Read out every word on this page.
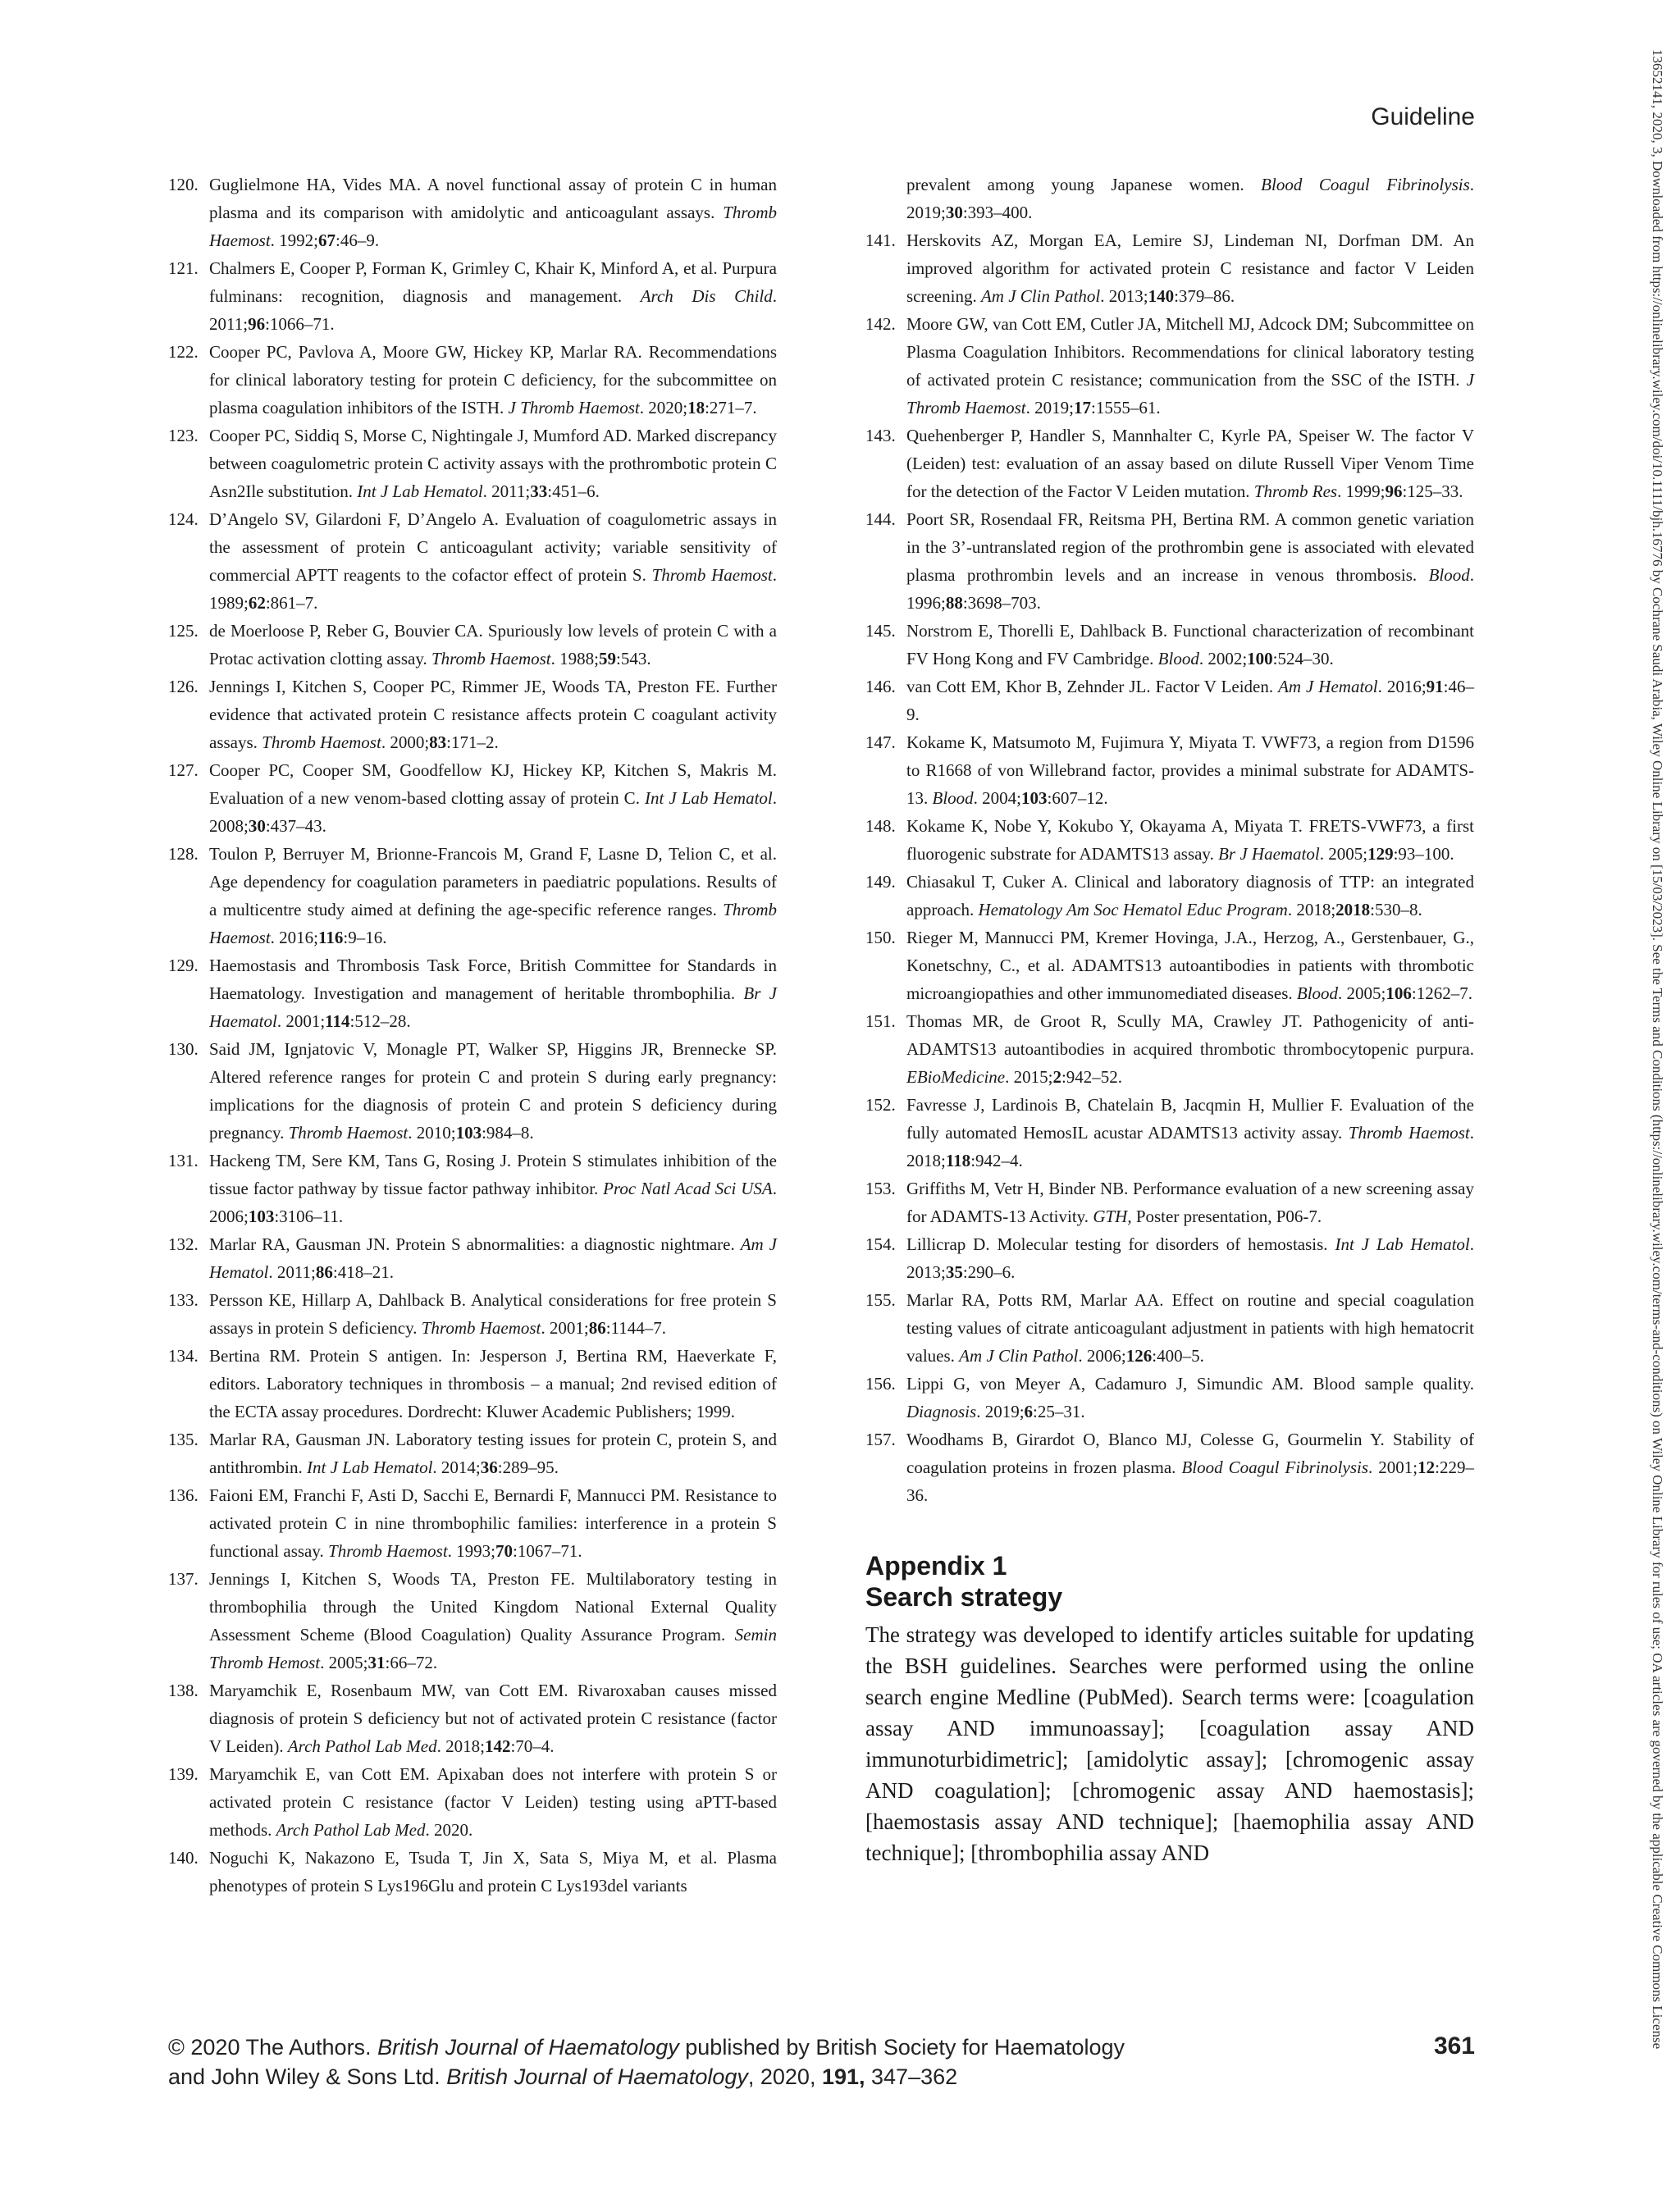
Guideline
120. Guglielmone HA, Vides MA. A novel functional assay of protein C in human plasma and its comparison with amidolytic and anticoagulant assays. Thromb Haemost. 1992;67:46–9.
121. Chalmers E, Cooper P, Forman K, Grimley C, Khair K, Minford A, et al. Purpura fulminans: recognition, diagnosis and management. Arch Dis Child. 2011;96:1066–71.
122. Cooper PC, Pavlova A, Moore GW, Hickey KP, Marlar RA. Recommendations for clinical laboratory testing for protein C deficiency, for the subcommittee on plasma coagulation inhibitors of the ISTH. J Thromb Haemost. 2020;18:271–7.
123. Cooper PC, Siddiq S, Morse C, Nightingale J, Mumford AD. Marked discrepancy between coagulometric protein C activity assays with the prothrombotic protein C Asn2Ile substitution. Int J Lab Hematol. 2011;33:451–6.
124. D’Angelo SV, Gilardoni F, D’Angelo A. Evaluation of coagulometric assays in the assessment of protein C anticoagulant activity; variable sensitivity of commercial APTT reagents to the cofactor effect of protein S. Thromb Haemost. 1989;62:861–7.
125. de Moerloose P, Reber G, Bouvier CA. Spuriously low levels of protein C with a Protac activation clotting assay. Thromb Haemost. 1988;59:543.
126. Jennings I, Kitchen S, Cooper PC, Rimmer JE, Woods TA, Preston FE. Further evidence that activated protein C resistance affects protein C coagulant activity assays. Thromb Haemost. 2000;83:171–2.
127. Cooper PC, Cooper SM, Goodfellow KJ, Hickey KP, Kitchen S, Makris M. Evaluation of a new venom-based clotting assay of protein C. Int J Lab Hematol. 2008;30:437–43.
128. Toulon P, Berruyer M, Brionne-Francois M, Grand F, Lasne D, Telion C, et al. Age dependency for coagulation parameters in paediatric populations. Results of a multicentre study aimed at defining the age-specific reference ranges. Thromb Haemost. 2016;116:9–16.
129. Haemostasis and Thrombosis Task Force, British Committee for Standards in Haematology. Investigation and management of heritable thrombophilia. Br J Haematol. 2001;114:512–28.
130. Said JM, Ignjatovic V, Monagle PT, Walker SP, Higgins JR, Brennecke SP. Altered reference ranges for protein C and protein S during early pregnancy: implications for the diagnosis of protein C and protein S deficiency during pregnancy. Thromb Haemost. 2010;103:984–8.
131. Hackeng TM, Sere KM, Tans G, Rosing J. Protein S stimulates inhibition of the tissue factor pathway by tissue factor pathway inhibitor. Proc Natl Acad Sci USA. 2006;103:3106–11.
132. Marlar RA, Gausman JN. Protein S abnormalities: a diagnostic nightmare. Am J Hematol. 2011;86:418–21.
133. Persson KE, Hillarp A, Dahlback B. Analytical considerations for free protein S assays in protein S deficiency. Thromb Haemost. 2001;86:1144–7.
134. Bertina RM. Protein S antigen. In: Jesperson J, Bertina RM, Haeverkate F, editors. Laboratory techniques in thrombosis – a manual; 2nd revised edition of the ECTA assay procedures. Dordrecht: Kluwer Academic Publishers; 1999.
135. Marlar RA, Gausman JN. Laboratory testing issues for protein C, protein S, and antithrombin. Int J Lab Hematol. 2014;36:289–95.
136. Faioni EM, Franchi F, Asti D, Sacchi E, Bernardi F, Mannucci PM. Resistance to activated protein C in nine thrombophilic families: interference in a protein S functional assay. Thromb Haemost. 1993;70:1067–71.
137. Jennings I, Kitchen S, Woods TA, Preston FE. Multilaboratory testing in thrombophilia through the United Kingdom National External Quality Assessment Scheme (Blood Coagulation) Quality Assurance Program. Semin Thromb Hemost. 2005;31:66–72.
138. Maryamchik E, Rosenbaum MW, van Cott EM. Rivaroxaban causes missed diagnosis of protein S deficiency but not of activated protein C resistance (factor V Leiden). Arch Pathol Lab Med. 2018;142:70–4.
139. Maryamchik E, van Cott EM. Apixaban does not interfere with protein S or activated protein C resistance (factor V Leiden) testing using aPTT-based methods. Arch Pathol Lab Med. 2020.
140. Noguchi K, Nakazono E, Tsuda T, Jin X, Sata S, Miya M, et al. Plasma phenotypes of protein S Lys196Glu and protein C Lys193del variants
prevalent among young Japanese women. Blood Coagul Fibrinolysis. 2019;30:393–400.
141. Herskovits AZ, Morgan EA, Lemire SJ, Lindeman NI, Dorfman DM. An improved algorithm for activated protein C resistance and factor V Leiden screening. Am J Clin Pathol. 2013;140:379–86.
142. Moore GW, van Cott EM, Cutler JA, Mitchell MJ, Adcock DM; Subcommittee on Plasma Coagulation Inhibitors. Recommendations for clinical laboratory testing of activated protein C resistance; communication from the SSC of the ISTH. J Thromb Haemost. 2019;17:1555–61.
143. Quehenberger P, Handler S, Mannhalter C, Kyrle PA, Speiser W. The factor V (Leiden) test: evaluation of an assay based on dilute Russell Viper Venom Time for the detection of the Factor V Leiden mutation. Thromb Res. 1999;96:125–33.
144. Poort SR, Rosendaal FR, Reitsma PH, Bertina RM. A common genetic variation in the 3’-untranslated region of the prothrombin gene is associated with elevated plasma prothrombin levels and an increase in venous thrombosis. Blood. 1996;88:3698–703.
145. Norstrom E, Thorelli E, Dahlback B. Functional characterization of recombinant FV Hong Kong and FV Cambridge. Blood. 2002;100:524–30.
146. van Cott EM, Khor B, Zehnder JL. Factor V Leiden. Am J Hematol. 2016;91:46–9.
147. Kokame K, Matsumoto M, Fujimura Y, Miyata T. VWF73, a region from D1596 to R1668 of von Willebrand factor, provides a minimal substrate for ADAMTS-13. Blood. 2004;103:607–12.
148. Kokame K, Nobe Y, Kokubo Y, Okayama A, Miyata T. FRETS-VWF73, a first fluorogenic substrate for ADAMTS13 assay. Br J Haematol. 2005;129:93–100.
149. Chiasakul T, Cuker A. Clinical and laboratory diagnosis of TTP: an integrated approach. Hematology Am Soc Hematol Educ Program. 2018;2018:530–8.
150. Rieger M, Mannucci PM, Kremer Hovinga, J.A., Herzog, A., Gerstenbauer, G., Konetschny, C., et al. ADAMTS13 autoantibodies in patients with thrombotic microangiopathies and other immunomediated diseases. Blood. 2005;106:1262–7.
151. Thomas MR, de Groot R, Scully MA, Crawley JT. Pathogenicity of anti-ADAMTS13 autoantibodies in acquired thrombotic thrombocytopenic purpura. EBioMedicine. 2015;2:942–52.
152. Favresse J, Lardinois B, Chatelain B, Jacqmin H, Mullier F. Evaluation of the fully automated HemosIL acustar ADAMTS13 activity assay. Thromb Haemost. 2018;118:942–4.
153. Griffiths M, Vetr H, Binder NB. Performance evaluation of a new screening assay for ADAMTS-13 Activity. GTH, Poster presentation, P06-7.
154. Lillicrap D. Molecular testing for disorders of hemostasis. Int J Lab Hematol. 2013;35:290–6.
155. Marlar RA, Potts RM, Marlar AA. Effect on routine and special coagulation testing values of citrate anticoagulant adjustment in patients with high hematocrit values. Am J Clin Pathol. 2006;126:400–5.
156. Lippi G, von Meyer A, Cadamuro J, Simundic AM. Blood sample quality. Diagnosis. 2019;6:25–31.
157. Woodhams B, Girardot O, Blanco MJ, Colesse G, Gourmelin Y. Stability of coagulation proteins in frozen plasma. Blood Coagul Fibrinolysis. 2001;12:229–36.
Appendix 1
Search strategy

The strategy was developed to identify articles suitable for updating the BSH guidelines. Searches were performed using the online search engine Medline (PubMed). Search terms were: [coagulation assay AND immunoassay]; [coagulation assay AND immunoturbidimetric]; [amidolytic assay]; [chromogenic assay AND coagulation]; [chromogenic assay AND haemostasis]; [haemostasis assay AND technique]; [haemophilia assay AND technique]; [thrombophilia assay AND

© 2020 The Authors. British Journal of Haematology published by British Society for Haematology
and John Wiley & Sons Ltd. British Journal of Haematology, 2020, 191, 347–362
361	13652141, 2020, 3, Downloaded from https://onlinelibrary.wiley.com/doi/10.1111/bjh.16776 by Cochrane Saudi Arabia, Wiley Online Library on [15/03/2023]. See the Terms and Conditions (https://onlinelibrary.wiley.com/terms-and-conditions) on Wiley Online Library for rules of use; OA articles are governed by the applicable Creative Commons License
